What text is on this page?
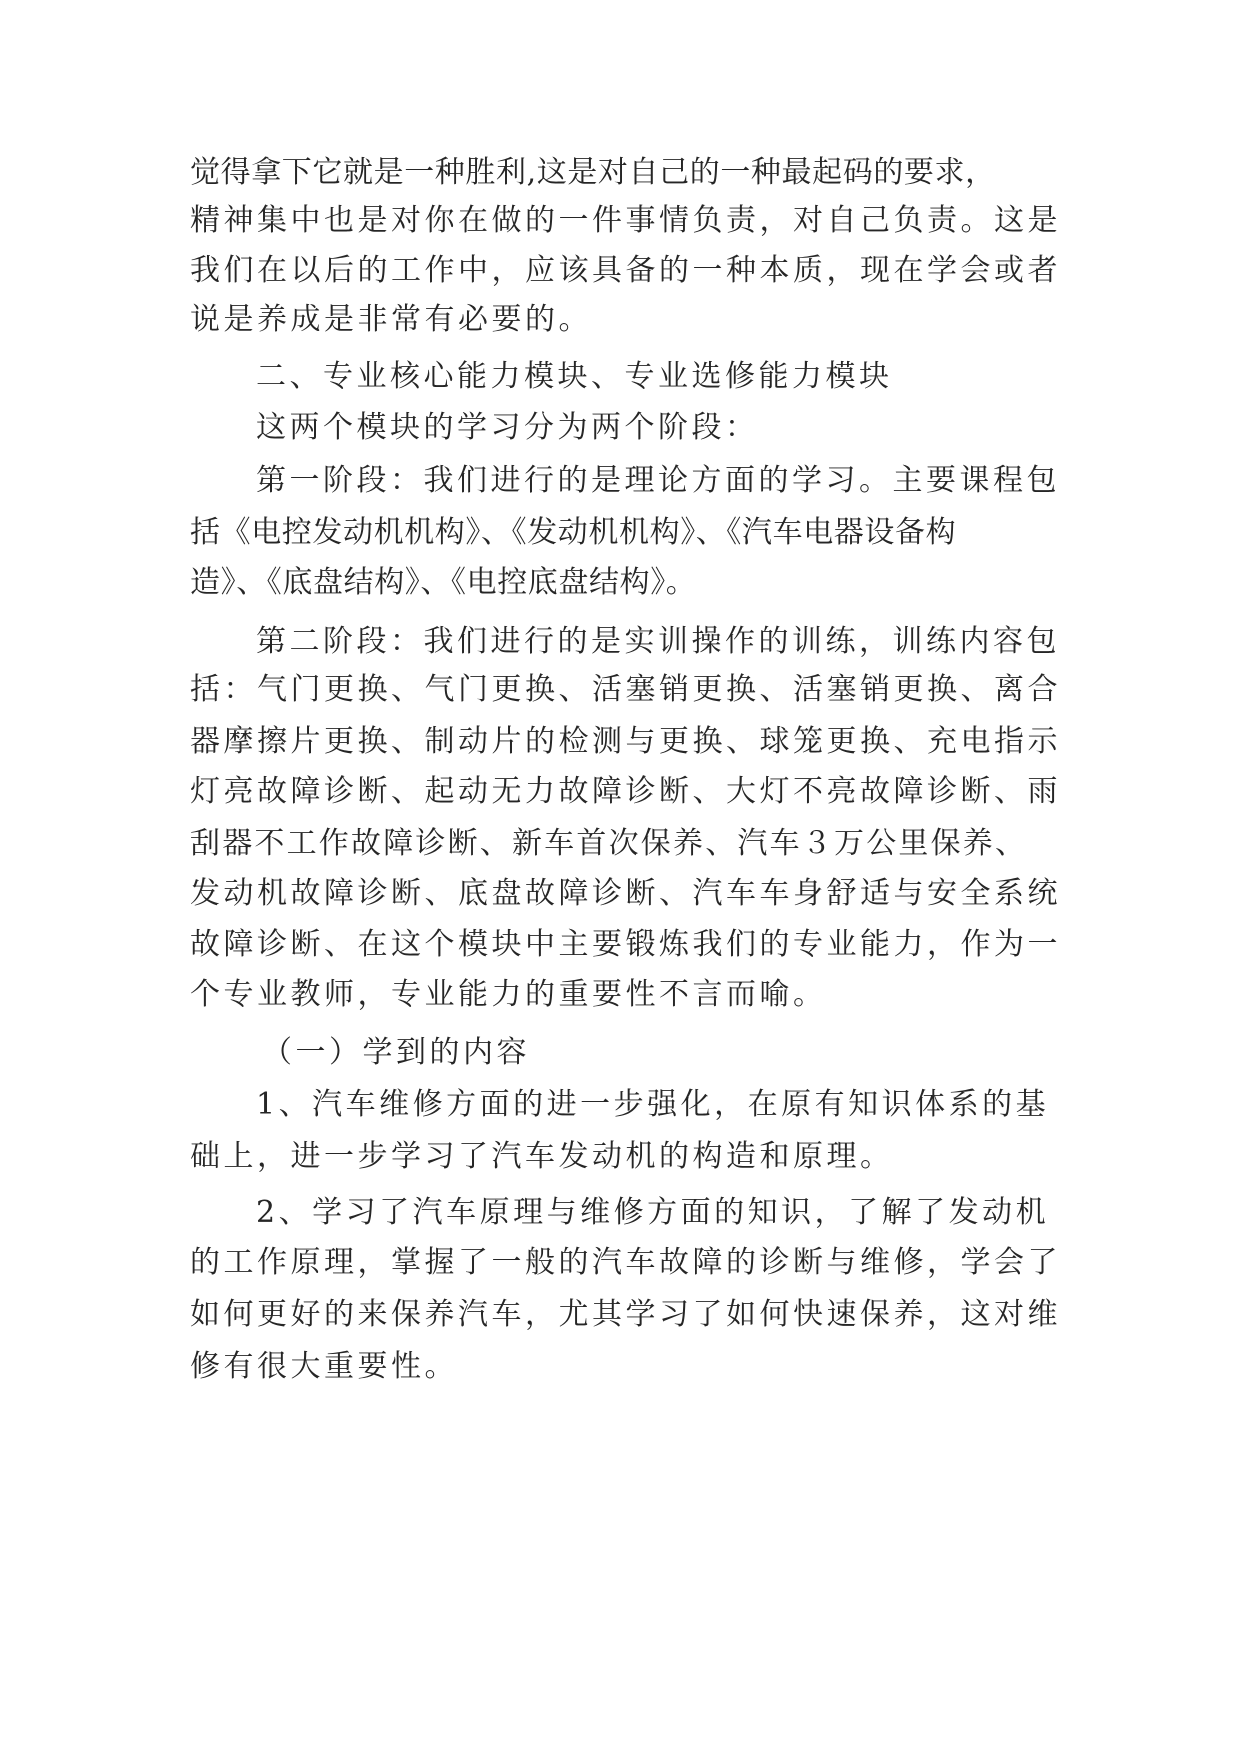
觉得拿下它就是一种胜利,这是对自己的一种最起码的要求，
精神集中也是对你在做的一件事情负责，对自己负责。这是
我们在以后的工作中，应该具备的一种本质，现在学会或者
说是养成是非常有必要的。
二、专业核心能力模块、专业选修能力模块
这两个模块的学习分为两个阶段：
第一阶段：我们进行的是理论方面的学习。主要课程包
括《电控发动机机构》、《发动机机构》、《汽车电器设备构
造》、《底盘结构》、《电控底盘结构》。
第二阶段：我们进行的是实训操作的训练，训练内容包
括：气门更换、气门更换、活塞销更换、活塞销更换、离合
器摩擦片更换、制动片的检测与更换、球笼更换、充电指示
灯亮故障诊断、起动无力故障诊断、大灯不亮故障诊断、雨
刮器不工作故障诊断、新车首次保养、汽车３万公里保养、
发动机故障诊断、底盘故障诊断、汽车车身舒适与安全系统
故障诊断、在这个模块中主要锻炼我们的专业能力，作为一
个专业教师，专业能力的重要性不言而喻。
（一）学到的内容
1、汽车维修方面的进一步强化，在原有知识体系的基
础上，进一步学习了汽车发动机的构造和原理。
2、学习了汽车原理与维修方面的知识，了解了发动机
的工作原理，掌握了一般的汽车故障的诊断与维修，学会了
如何更好的来保养汽车，尤其学习了如何快速保养，这对维
修有很大重要性。
